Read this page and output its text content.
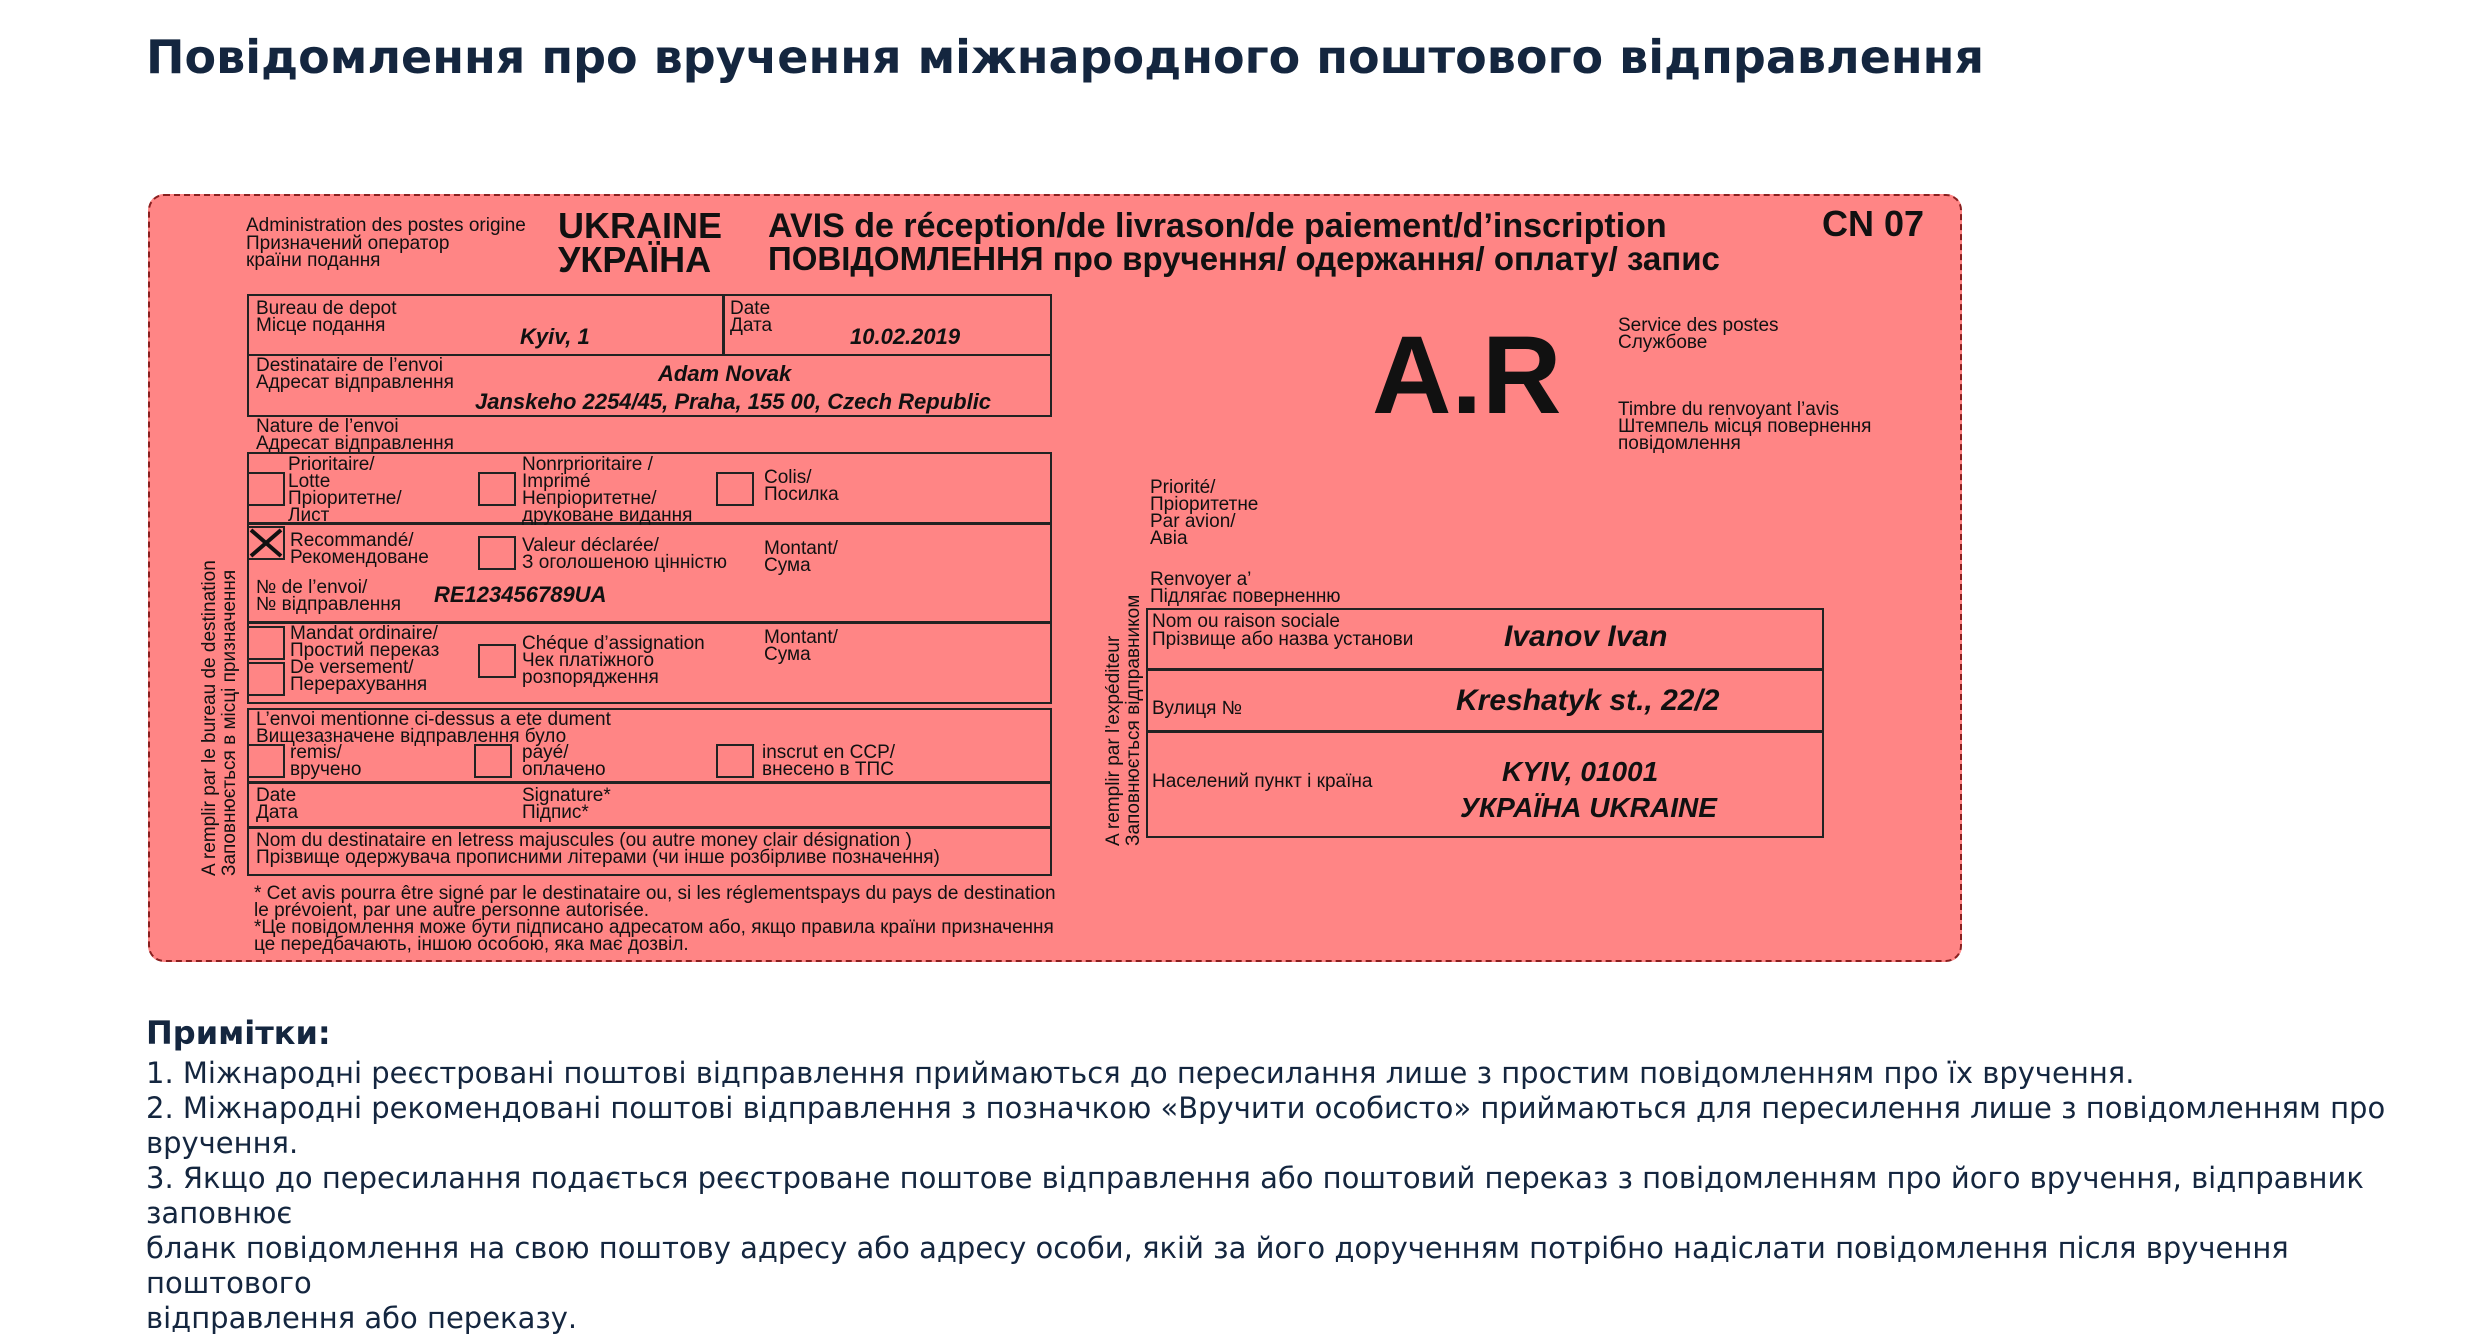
Повідомлення про вручення міжнародного поштового відправлення
Administration des postes origine
Призначений оператор
країни подання
UKRAINE
УКРАЇНА
AVIS de réception/de livrason/de paiement/d’inscription
ПОВІДОМЛЕННЯ про вручення/ одержання/ оплату/ запис
CN 07
A.R	Service des postes
Службове
Timbre du renvoyant l’avis
Штемпель місця повернення
повідомлення
Bureau de depot
Місце подання	Kyiv, 1
Date
Дата	10.02.2019
Destinataire de l’envoi
Адресат відправлення	Adam Novak
Janskeho 2254/45, Praha, 155 00, Czech Republic
Nature de l’envoi
Адресат відправлення
Prioritaire/
Lotte
Пріоритетне/
Лист
Nonrprioritaire /
Imprimé
Непріоритетне/
друковане видання
Colis/
Посилка
Recommandé/
Рекомендоване
Valeur déclarée/
З оголошеною цінністю
Montant/
Сума
№ de l’envoi/
№ відправлення RE123456789UA
Mandat ordinaire/
Простий переказ
De versement/
Перерахування
Chéque d’assignation
Чек платіжного
розпорядження
Montant/
Сума
L’envoi mentionne ci-dessus a ete dument
Вищезазначене відправлення було
remis/
вручено
payé/
оплачено
inscrut en CCP/
внесено в ТПС
Date
Дата
Signature*
Підпис*
Nom du destinataire en letress majuscules (ou autre money clair désignation )
Прізвище одержувача прописними літерами (чи інше розбірливе позначення)
* Cet avis pourra être signé par le destinataire ou, si les réglementspays du pays de destination
le prévoient, par une autre personne autorisée.
*Це повідомлення може бути підписано адресатом або, якщо правила країни призначення
це передбачають, іншою особою, яка має дозвіл.
A remplir par le bureau de destination
Заповнюється в місці призначення	A remplir par l’expéditeur
Заповнюється відправником
Priorité/
Пріоритетне
Par avion/
Авіа
Renvoyer a’
Підлягає поверненню
Nom ou raison sociale
Прізвище або назва установи	Ivanov Ivan
Вулиця №	Kreshatyk st., 22/2
Населений пункт і країна	KYIV, 01001
УКРАЇНА UKRAINE
Примітки:
1. Міжнародні реєстровані поштові відправлення приймаються до пересилання лише з простим повідомленням про їх вручення.
2. Міжнародні рекомендовані поштові відправлення з позначкою «Вручити особисто» приймаються для пересилення лише з повідомленням про вручення.
3. Якщо до пересилання подається реєстроване поштове відправлення або поштовий переказ з повідомленням про його вручення, відправник заповнює
бланк повідомлення на свою поштову адресу або адресу особи, якій за його дорученням потрібно надіслати повідомлення після вручення поштового
відправлення або переказу.
